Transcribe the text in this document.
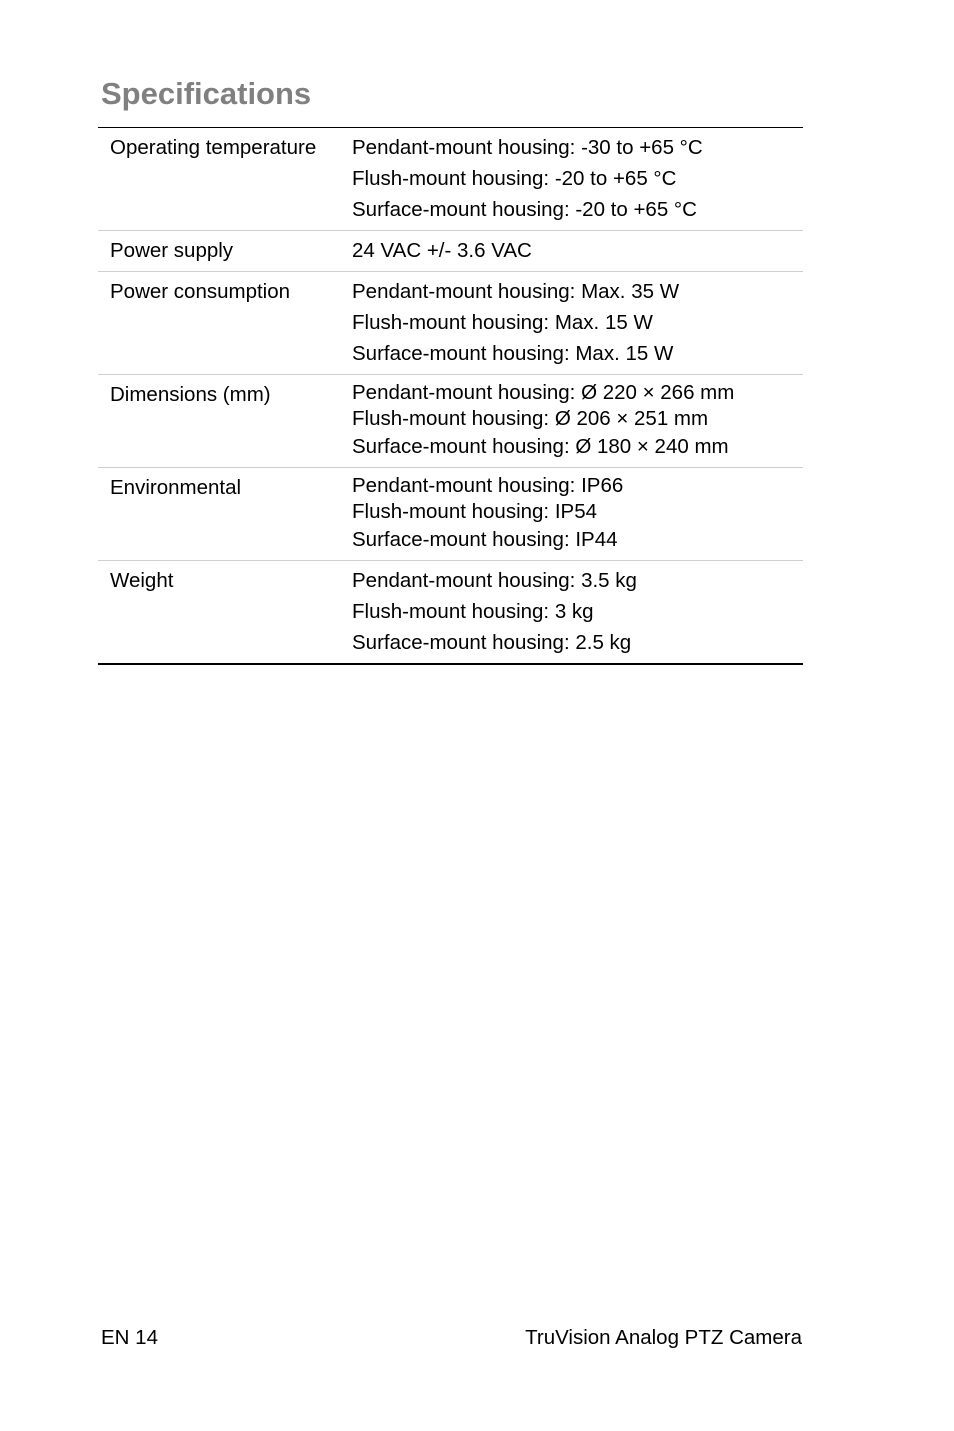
Specifications
Operating temperature	Pendant-mount housing: -30 to +65 °C
Flush-mount housing: -20 to +65 °C
Surface-mount housing: -20 to +65 °C
Power supply	24 VAC +/- 3.6 VAC
Power consumption	Pendant-mount housing: Max. 35 W
Flush-mount housing: Max. 15 W
Surface-mount housing: Max. 15 W
Dimensions (mm)	Pendant-mount housing: Ø 220 × 266 mm
Flush-mount housing: Ø 206 × 251 mm
Surface-mount housing: Ø 180 × 240 mm
Environmental	Pendant-mount housing: IP66
Flush-mount housing: IP54
Surface-mount housing: IP44
Weight	Pendant-mount housing: 3.5 kg
Flush-mount housing: 3 kg
Surface-mount housing: 2.5 kg
EN 14	TruVision Analog PTZ Camera
